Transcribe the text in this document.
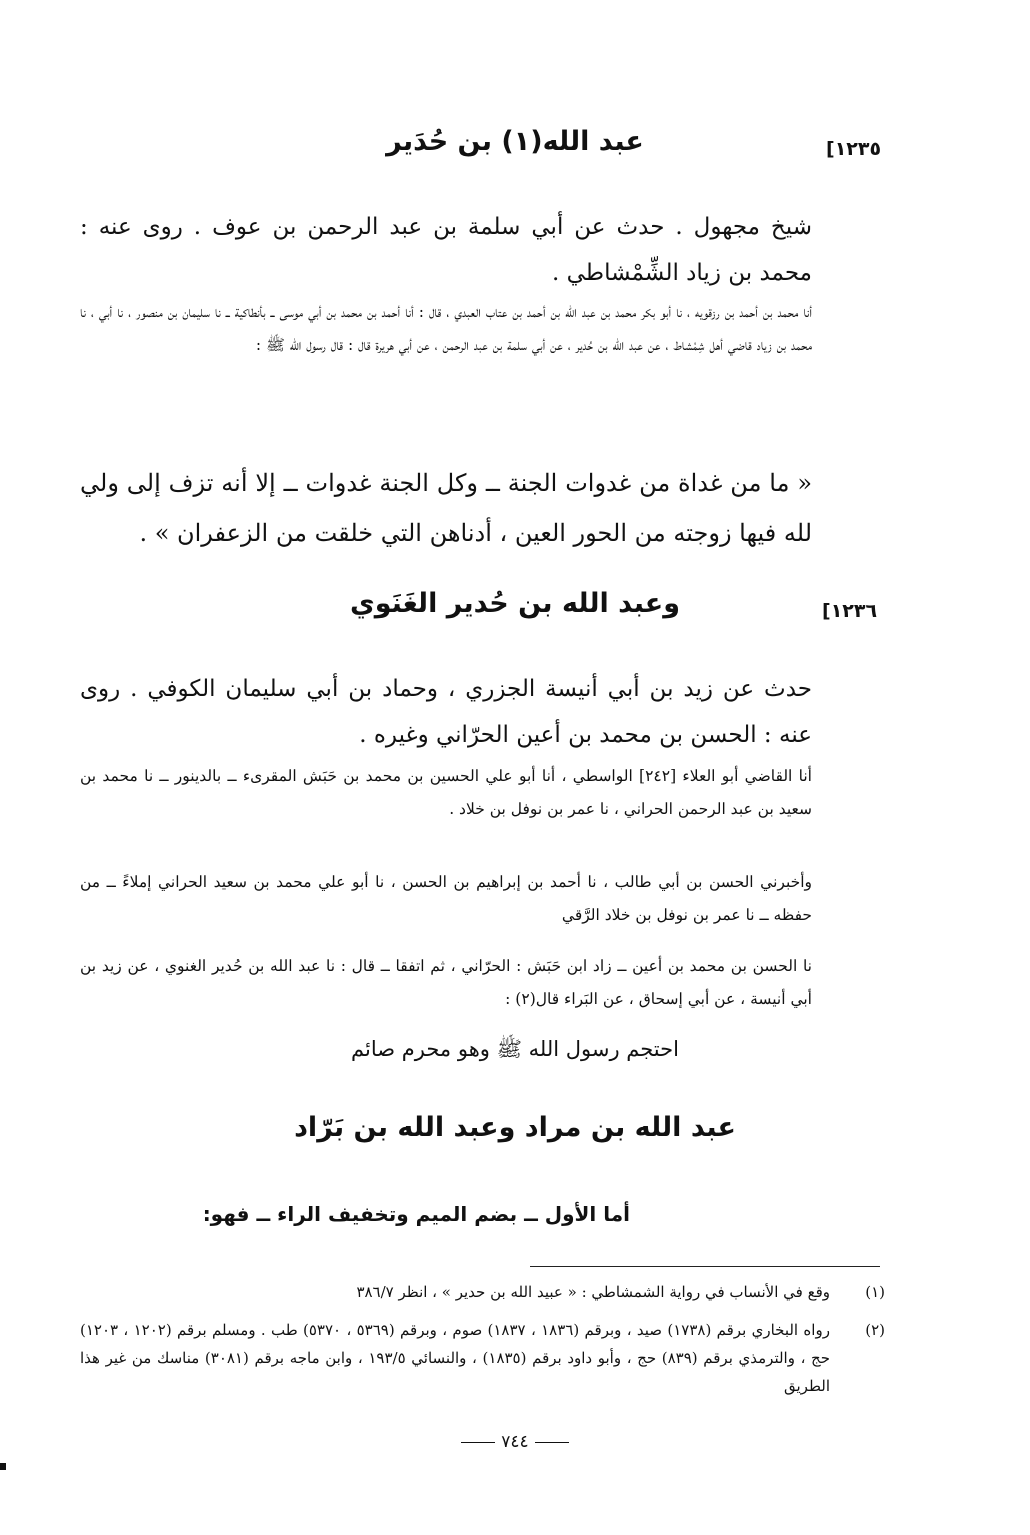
[١٢٣٥
عبد الله(١) بن حُدَير
شيخ مجهول . حدث عن أبي سلمة بن عبد الرحمن بن عوف . روى عنه : محمد بن زياد الشِّمْشاطي .
أنا محمد بن أحمد بن رزقويه ، نا أبو بكر محمد بن عبد الله بن أحمد بن عتاب العبدي ، قال : أنا أحمد بن محمد بن أبي موسى ــ بأنطاكية ــ نا سليمان بن منصور ، نا أبي ، نا محمد بن زياد قاضي أهل شِمْشاط ، عن عبد الله بن حُدير ، عن أبي سلمة بن عبد الرحمن ، عن أبي هريرة قال : قال رسول الله ﷺ :
« ما من غداة من غدوات الجنة ــ وكل الجنة غدوات ــ إلا أنه تزف إلى ولي لله فيها زوجته من الحور العين ، أدناهن التي خلقت من الزعفران » .
[١٢٣٦
وعبد الله بن حُدير الغَنَوي
حدث عن زيد بن أبي أنيسة الجزري ، وحماد بن أبي سليمان الكوفي . روى عنه : الحسن بن محمد بن أعين الحرّاني وغيره .
أنا القاضي أبو العلاء [٢٤٢] الواسطي ، أنا أبو علي الحسين بن محمد بن حَبَش المقرىء ــ بالدينور ــ نا محمد بن سعيد بن عبد الرحمن الحراني ، نا عمر بن نوفل بن خلاد .
وأخبرني الحسن بن أبي طالب ، نا أحمد بن إبراهيم بن الحسن ، نا أبو علي محمد بن سعيد الحراني إملاءً ــ من حفظه ــ نا عمر بن نوفل بن خلاد الرَّقي
نا الحسن بن محمد بن أعين ــ زاد ابن حَبَش : الحرّاني ، ثم اتفقا ــ قال : نا عبد الله بن حُدير الغنوي ، عن زيد بن أبي أنيسة ، عن أبي إسحاق ، عن البَراء قال(٢) :
احتجم رسول الله ﷺ وهو محرم صائم
عبد الله بن مراد وعبد الله بن بَرّاد
أما الأول ــ بضم الميم وتخفيف الراء ــ فهو:
(١)
وقع في الأنساب في رواية الشمشاطي : « عبيد الله بن حدير » ، انظر ٣٨٦/٧
(٢)
رواه البخاري برقم (١٧٣٨) صيد ، وبرقم (١٨٣٦ ، ١٨٣٧) صوم ، وبرقم (٥٣٦٩ ، ٥٣٧٠) طب . ومسلم برقم (١٢٠٢ ، ١٢٠٣) حج ، والترمذي برقم (٨٣٩) حج ، وأبو داود برقم (١٨٣٥) ، والنسائي ١٩٣/٥ ، وابن ماجه برقم (٣٠٨١) مناسك من غير هذا الطريق
٧٤٤
